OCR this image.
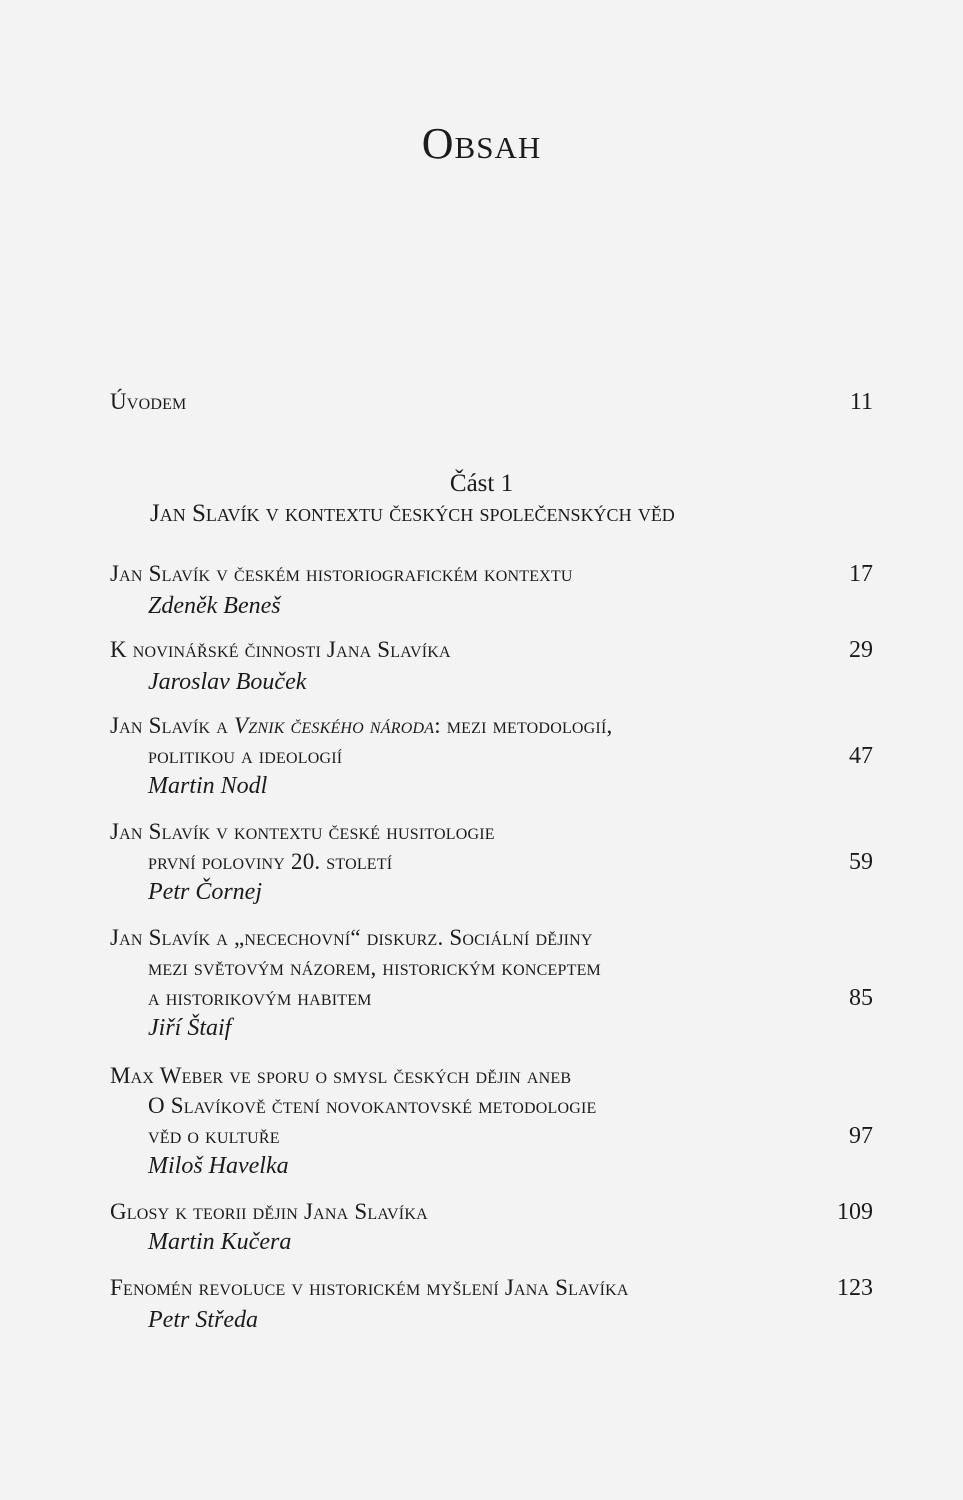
Obsah
Úvodem	11
Část 1
Jan Slavík v kontextu českých společenských věd
Jan Slavík v českém historiografickém kontextu	17
Zdeněk Beneš
K novinářské činnosti Jana Slavíka	29
Jaroslav Bouček
Jan Slavík a Vznik českého národa: mezi metodologií,
politikou a ideologií	47
Martin Nodl
Jan Slavík v kontextu české husitologie
první poloviny 20. století	59
Petr Čornej
Jan Slavík a „necechovní“ diskurz. Sociální dějiny
mezi světovým názorem, historickým konceptem
a historikovým habitem	85
Jiří Štaif
Max Weber ve sporu o smysl českých dějin aneb
O Slavíkově čtení novokantovské metodologie
věd o kultuře	97
Miloš Havelka
Glosy k teorii dějin Jana Slavíka	109
Martin Kučera
Fenomén revoluce v historickém myšlení Jana Slavíka	123
Petr Středa
